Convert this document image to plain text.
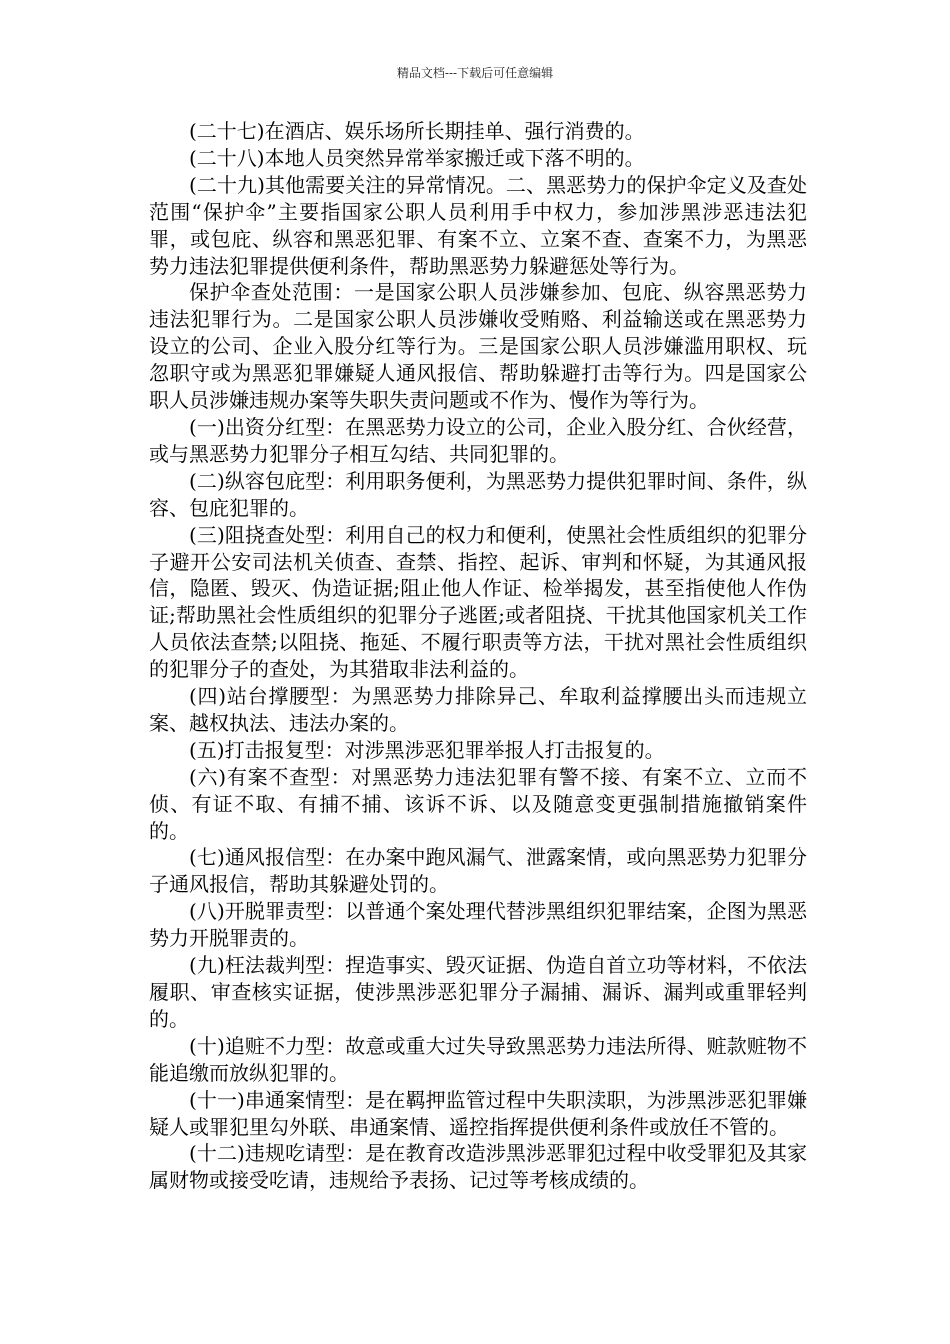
精品文档---下载后可任意编辑

(二十七)在酒店、娱乐场所长期挂单、强行消费的。

(二十八)本地人员突然异常举家搬迁或下落不明的。

(二十九)其他需要关注的异常情况。二、黑恶势力的保护伞定义及查处范围“保护伞”主要指国家公职人员利用手中权力，参加涉黑涉恶违法犯罪，或包庇、纵容和黑恶犯罪、有案不立、立案不查、查案不力，为黑恶势力违法犯罪提供便利条件，帮助黑恶势力躲避惩处等行为。

保护伞查处范围：一是国家公职人员涉嫌参加、包庇、纵容黑恶势力违法犯罪行为。二是国家公职人员涉嫌收受贿赂、利益输送或在黑恶势力设立的公司、企业入股分红等行为。三是国家公职人员涉嫌滥用职权、玩忽职守或为黑恶犯罪嫌疑人通风报信、帮助躲避打击等行为。四是国家公职人员涉嫌违规办案等失职失责问题或不作为、慢作为等行为。

(一)出资分红型：在黑恶势力设立的公司，企业入股分红、合伙经营，或与黑恶势力犯罪分子相互勾结、共同犯罪的。

(二)纵容包庇型：利用职务便利，为黑恶势力提供犯罪时间、条件，纵容、包庇犯罪的。

(三)阻挠查处型：利用自己的权力和便利，使黑社会性质组织的犯罪分子避开公安司法机关侦查、查禁、指控、起诉、审判和怀疑，为其通风报信，隐匿、毁灭、伪造证据;阻止他人作证、检举揭发，甚至指使他人作伪证;帮助黑社会性质组织的犯罪分子逃匿;或者阻挠、干扰其他国家机关工作人员依法查禁;以阻挠、拖延、不履行职责等方法，干扰对黑社会性质组织的犯罪分子的查处，为其猎取非法利益的。

(四)站台撑腰型：为黑恶势力排除异己、牟取利益撑腰出头而违规立案、越权执法、违法办案的。

(五)打击报复型：对涉黑涉恶犯罪举报人打击报复的。

(六)有案不查型：对黑恶势力违法犯罪有警不接、有案不立、立而不侦、有证不取、有捕不捕、该诉不诉、以及随意变更强制措施撤销案件的。

(七)通风报信型：在办案中跑风漏气、泄露案情，或向黑恶势力犯罪分子通风报信，帮助其躲避处罚的。

(八)开脱罪责型：以普通个案处理代替涉黑组织犯罪结案，企图为黑恶势力开脱罪责的。

(九)枉法裁判型：捏造事实、毁灭证据、伪造自首立功等材料，不依法履职、审查核实证据，使涉黑涉恶犯罪分子漏捕、漏诉、漏判或重罪轻判的。

(十)追赃不力型：故意或重大过失导致黑恶势力违法所得、赃款赃物不能追缴而放纵犯罪的。

(十一)串通案情型：是在羁押监管过程中失职渎职，为涉黑涉恶犯罪嫌疑人或罪犯里勾外联、串通案情、遥控指挥提供便利条件或放任不管的。

(十二)违规吃请型：是在教育改造涉黑涉恶罪犯过程中收受罪犯及其家属财物或接受吃请，违规给予表扬、记过等考核成绩的。
